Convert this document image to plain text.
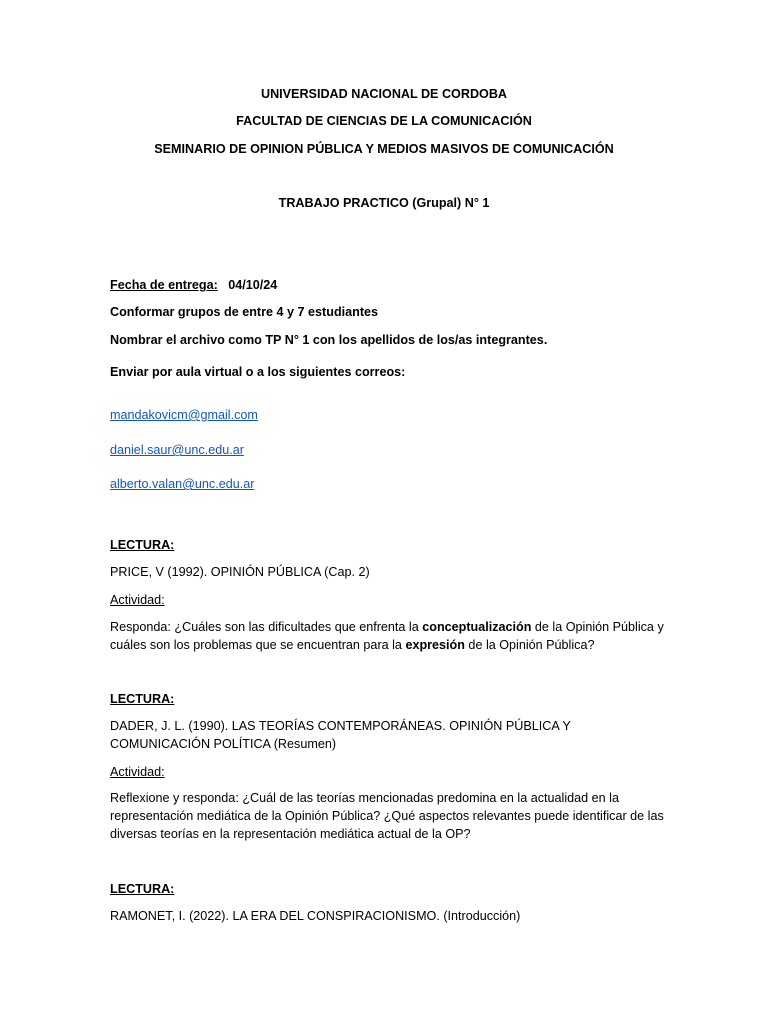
UNIVERSIDAD NACIONAL DE CORDOBA
FACULTAD DE CIENCIAS DE LA COMUNICACIÓN
SEMINARIO DE OPINION PÚBLICA Y MEDIOS MASIVOS DE COMUNICACIÓN
TRABAJO PRACTICO (Grupal) N° 1
Fecha de entrega: 04/10/24
Conformar grupos de entre 4 y 7 estudiantes
Nombrar el archivo como TP N° 1 con los apellidos de los/as integrantes.
Enviar por aula virtual o a los siguientes correos:
mandakovicm@gmail.com
daniel.saur@unc.edu.ar
alberto.valan@unc.edu.ar
LECTURA:
PRICE, V (1992). OPINIÓN PÚBLICA (Cap. 2)
Actividad:
Responda: ¿Cuáles son las dificultades que enfrenta la conceptualización de la Opinión Pública y cuáles son los problemas que se encuentran para la expresión de la Opinión Pública?
LECTURA:
DADER, J. L. (1990). LAS TEORÍAS CONTEMPORÁNEAS. OPINIÓN PÚBLICA Y COMUNICACIÓN POLÍTICA (Resumen)
Actividad:
Reflexione y responda: ¿Cuál de las teorías mencionadas predomina en la actualidad en la representación mediática de la Opinión Pública? ¿Qué aspectos relevantes puede identificar de las diversas teorías en la representación mediática actual de la OP?
LECTURA:
RAMONET, I. (2022). LA ERA DEL CONSPIRACIONISMO. (Introducción)
